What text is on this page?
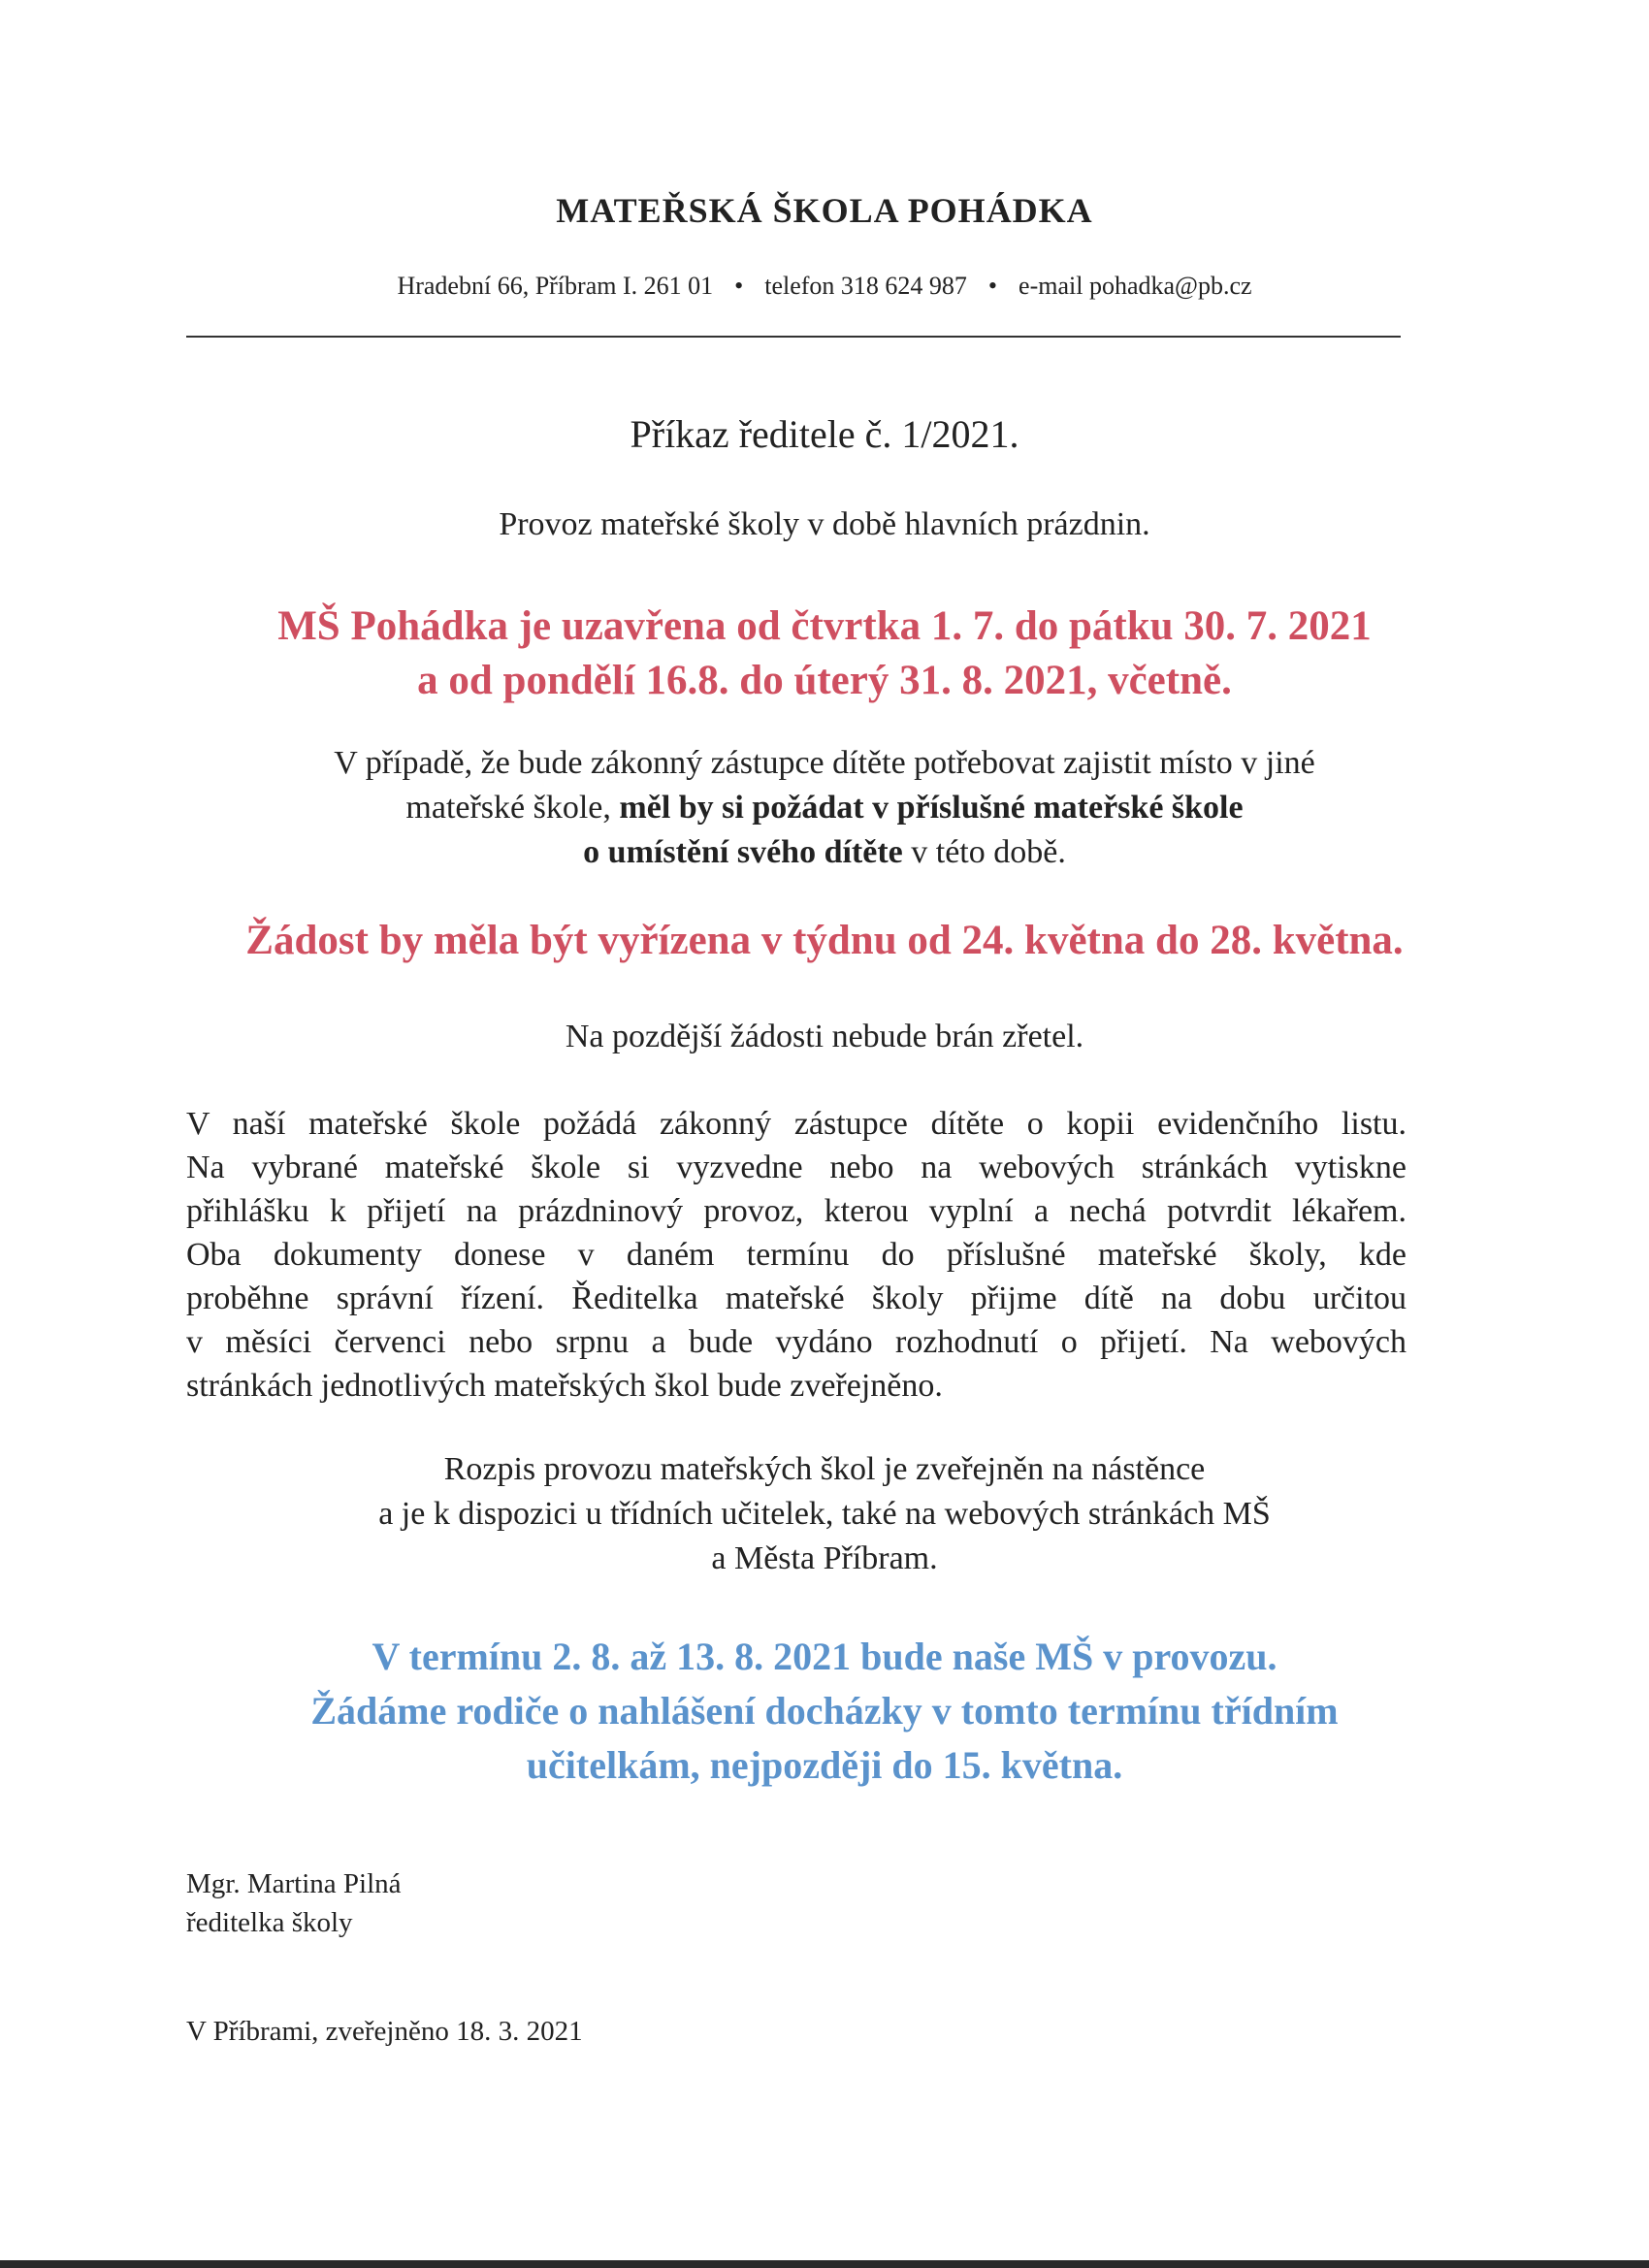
MATEŘSKÁ ŠKOLA POHÁDKA
Hradební 66, Příbram I. 261 01 • telefon 318 624 987 • e-mail pohadka@pb.cz
Příkaz ředitele č. 1/2021.
Provoz mateřské školy v době hlavních prázdnin.
MŠ Pohádka je uzavřena od čtvrtka 1. 7. do pátku 30. 7. 2021
a od pondělí 16.8. do úterý 31. 8. 2021, včetně.
V případě, že bude zákonný zástupce dítěte potřebovat zajistit místo v jiné
mateřské škole, měl by si požádat v příslušné mateřské škole
o umístění svého dítěte v této době.
Žádost by měla být vyřízena v týdnu od 24. května do 28. května.
Na pozdější žádosti nebude brán zřetel.
V naší mateřské škole požádá zákonný zástupce dítěte o kopii evidenčního listu.
Na vybrané mateřské škole si vyzvedne nebo na webových stránkách vytiskne
přihlášku k přijetí na prázdninový provoz, kterou vyplní a nechá potvrdit lékařem.
Oba dokumenty donese v daném termínu do příslušné mateřské školy, kde
proběhne správní řízení. Ředitelka mateřské školy přijme dítě na dobu určitou
v měsíci červenci nebo srpnu a bude vydáno rozhodnutí o přijetí. Na webových
stránkách jednotlivých mateřských škol bude zveřejněno.
Rozpis provozu mateřských škol je zveřejněn na nástěnce
a je k dispozici u třídních učitelek, také na webových stránkách MŠ
a Města Příbram.
V termínu 2. 8. až 13. 8. 2021 bude naše MŠ v provozu.
Žádáme rodiče o nahlášení docházky v tomto termínu třídním
učitelkám, nejpozději do 15. května.
Mgr. Martina Pilná
ředitelka školy
V Příbrami, zveřejněno 18. 3. 2021
